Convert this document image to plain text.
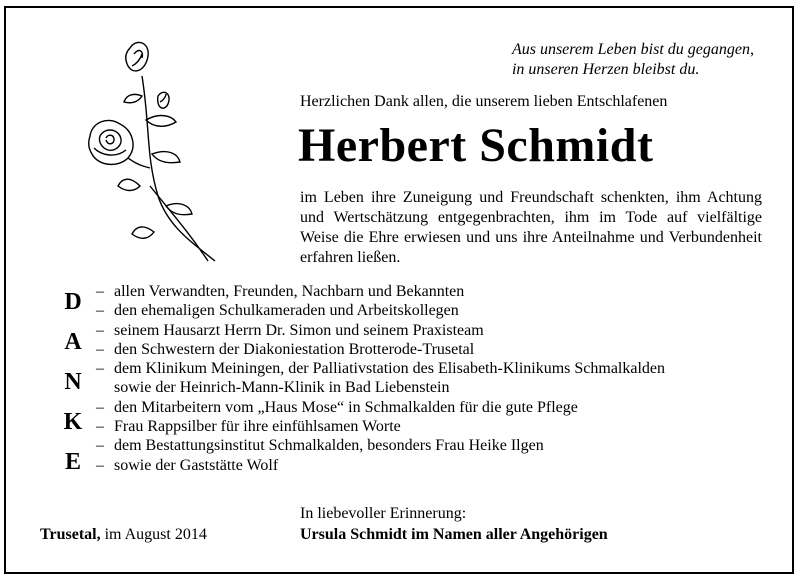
Aus unserem Leben bist du gegangen,
in unseren Herzen bleibst du.
Herzlichen Dank allen, die unserem lieben Entschlafenen
Herbert Schmidt
im Leben ihre Zuneigung und Freundschaft schenkten, ihm Achtung und Wertschätzung entgegenbrachten, ihm im Tode auf vielfältige Weise die Ehre erwiesen und uns ihre Anteilnahme und Verbundenheit erfahren ließen.
D
A
N
K
E
– allen Verwandten, Freunden, Nachbarn und Bekannten
– den ehemaligen Schulkameraden und Arbeitskollegen
– seinem Hausarzt Herrn Dr. Simon und seinem Praxisteam
– den Schwestern der Diakoniestation Brotterode-Trusetal
– dem Klinikum Meiningen, der Palliativstation des Elisabeth-Klinikums Schmalkalden
sowie der Heinrich-Mann-Klinik in Bad Liebenstein
– den Mitarbeitern vom „Haus Mose“ in Schmalkalden für die gute Pflege
– Frau Rappsilber für ihre einfühlsamen Worte
– dem Bestattungsinstitut Schmalkalden, besonders Frau Heike Ilgen
– sowie der Gaststätte Wolf
In liebevoller Erinnerung:
Ursula Schmidt im Namen aller Angehörigen
Trusetal, im August 2014
